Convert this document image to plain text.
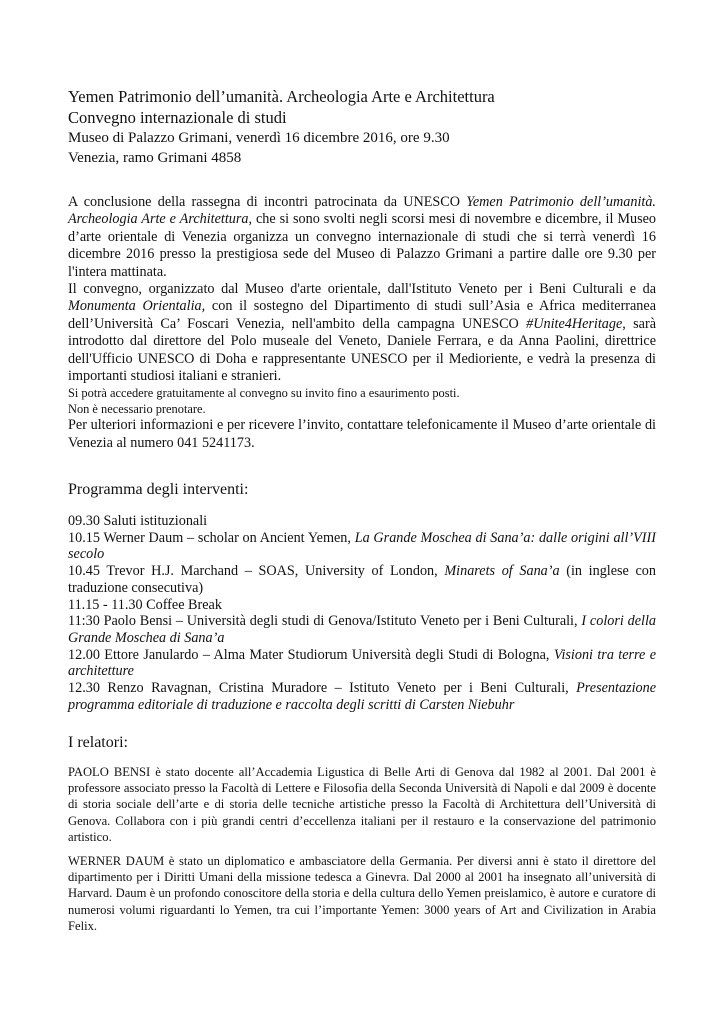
Yemen Patrimonio dell’umanità. Archeologia Arte e Architettura
Convegno internazionale di studi
Museo di Palazzo Grimani, venerdì 16 dicembre 2016, ore 9.30
Venezia, ramo Grimani 4858

A conclusione della rassegna di incontri patrocinata da UNESCO Yemen Patrimonio dell’umanità. Archeologia Arte e Architettura, che si sono svolti negli scorsi mesi di novembre e dicembre, il Museo d’arte orientale di Venezia organizza un convegno internazionale di studi che si terrà venerdì 16 dicembre 2016 presso la prestigiosa sede del Museo di Palazzo Grimani a partire dalle ore 9.30 per l'intera mattinata.

Il convegno, organizzato dal Museo d'arte orientale, dall'Istituto Veneto per i Beni Culturali e da Monumenta Orientalia, con il sostegno del Dipartimento di studi sull’Asia e Africa mediterranea dell’Università Ca’ Foscari Venezia, nell'ambito della campagna UNESCO #Unite4Heritage, sarà introdotto dal direttore del Polo museale del Veneto, Daniele Ferrara, e da Anna Paolini, direttrice dell'Ufficio UNESCO di Doha e rappresentante UNESCO per il Medioriente, e vedrà la presenza di importanti studiosi italiani e stranieri.

Si potrà accedere gratuitamente al convegno su invito fino a esaurimento posti.

Non è necessario prenotare.

Per ulteriori informazioni e per ricevere l’invito, contattare telefonicamente il Museo d’arte orientale di Venezia al numero 041 5241173.

Programma degli interventi:
09.30 Saluti istituzionali
10.15 Werner Daum – scholar on Ancient Yemen, La Grande Moschea di Sana’a: dalle origini all’VIII secolo
10.45 Trevor H.J. Marchand – SOAS, University of London, Minarets of Sana’a (in inglese con traduzione consecutiva)
11.15 - 11.30 Coffee Break
11:30 Paolo Bensi – Università degli studi di Genova/Istituto Veneto per i Beni Culturali, I colori della Grande Moschea di Sana’a
12.00 Ettore Janulardo – Alma Mater Studiorum Università degli Studi di Bologna, Visioni tra terre e architetture
12.30 Renzo Ravagnan, Cristina Muradore – Istituto Veneto per i Beni Culturali, Presentazione programma editoriale di traduzione e raccolta degli scritti di Carsten Niebuhr
I relatori:
PAOLO BENSI è stato docente all’Accademia Ligustica di Belle Arti di Genova dal 1982 al 2001. Dal 2001 è professore associato presso la Facoltà di Lettere e Filosofia della Seconda Università di Napoli e dal 2009 è docente di storia sociale dell’arte e di storia delle tecniche artistiche presso la Facoltà di Architettura dell’Università di Genova. Collabora con i più grandi centri d’eccellenza italiani per il restauro e la conservazione del patrimonio artistico.
WERNER DAUM è stato un diplomatico e ambasciatore della Germania. Per diversi anni è stato il direttore del dipartimento per i Diritti Umani della missione tedesca a Ginevra. Dal 2000 al 2001 ha insegnato all’università di Harvard. Daum è un profondo conoscitore della storia e della cultura dello Yemen preislamico, è autore e curatore di numerosi volumi riguardanti lo Yemen, tra cui l’importante Yemen: 3000 years of Art and Civilization in Arabia Felix.
